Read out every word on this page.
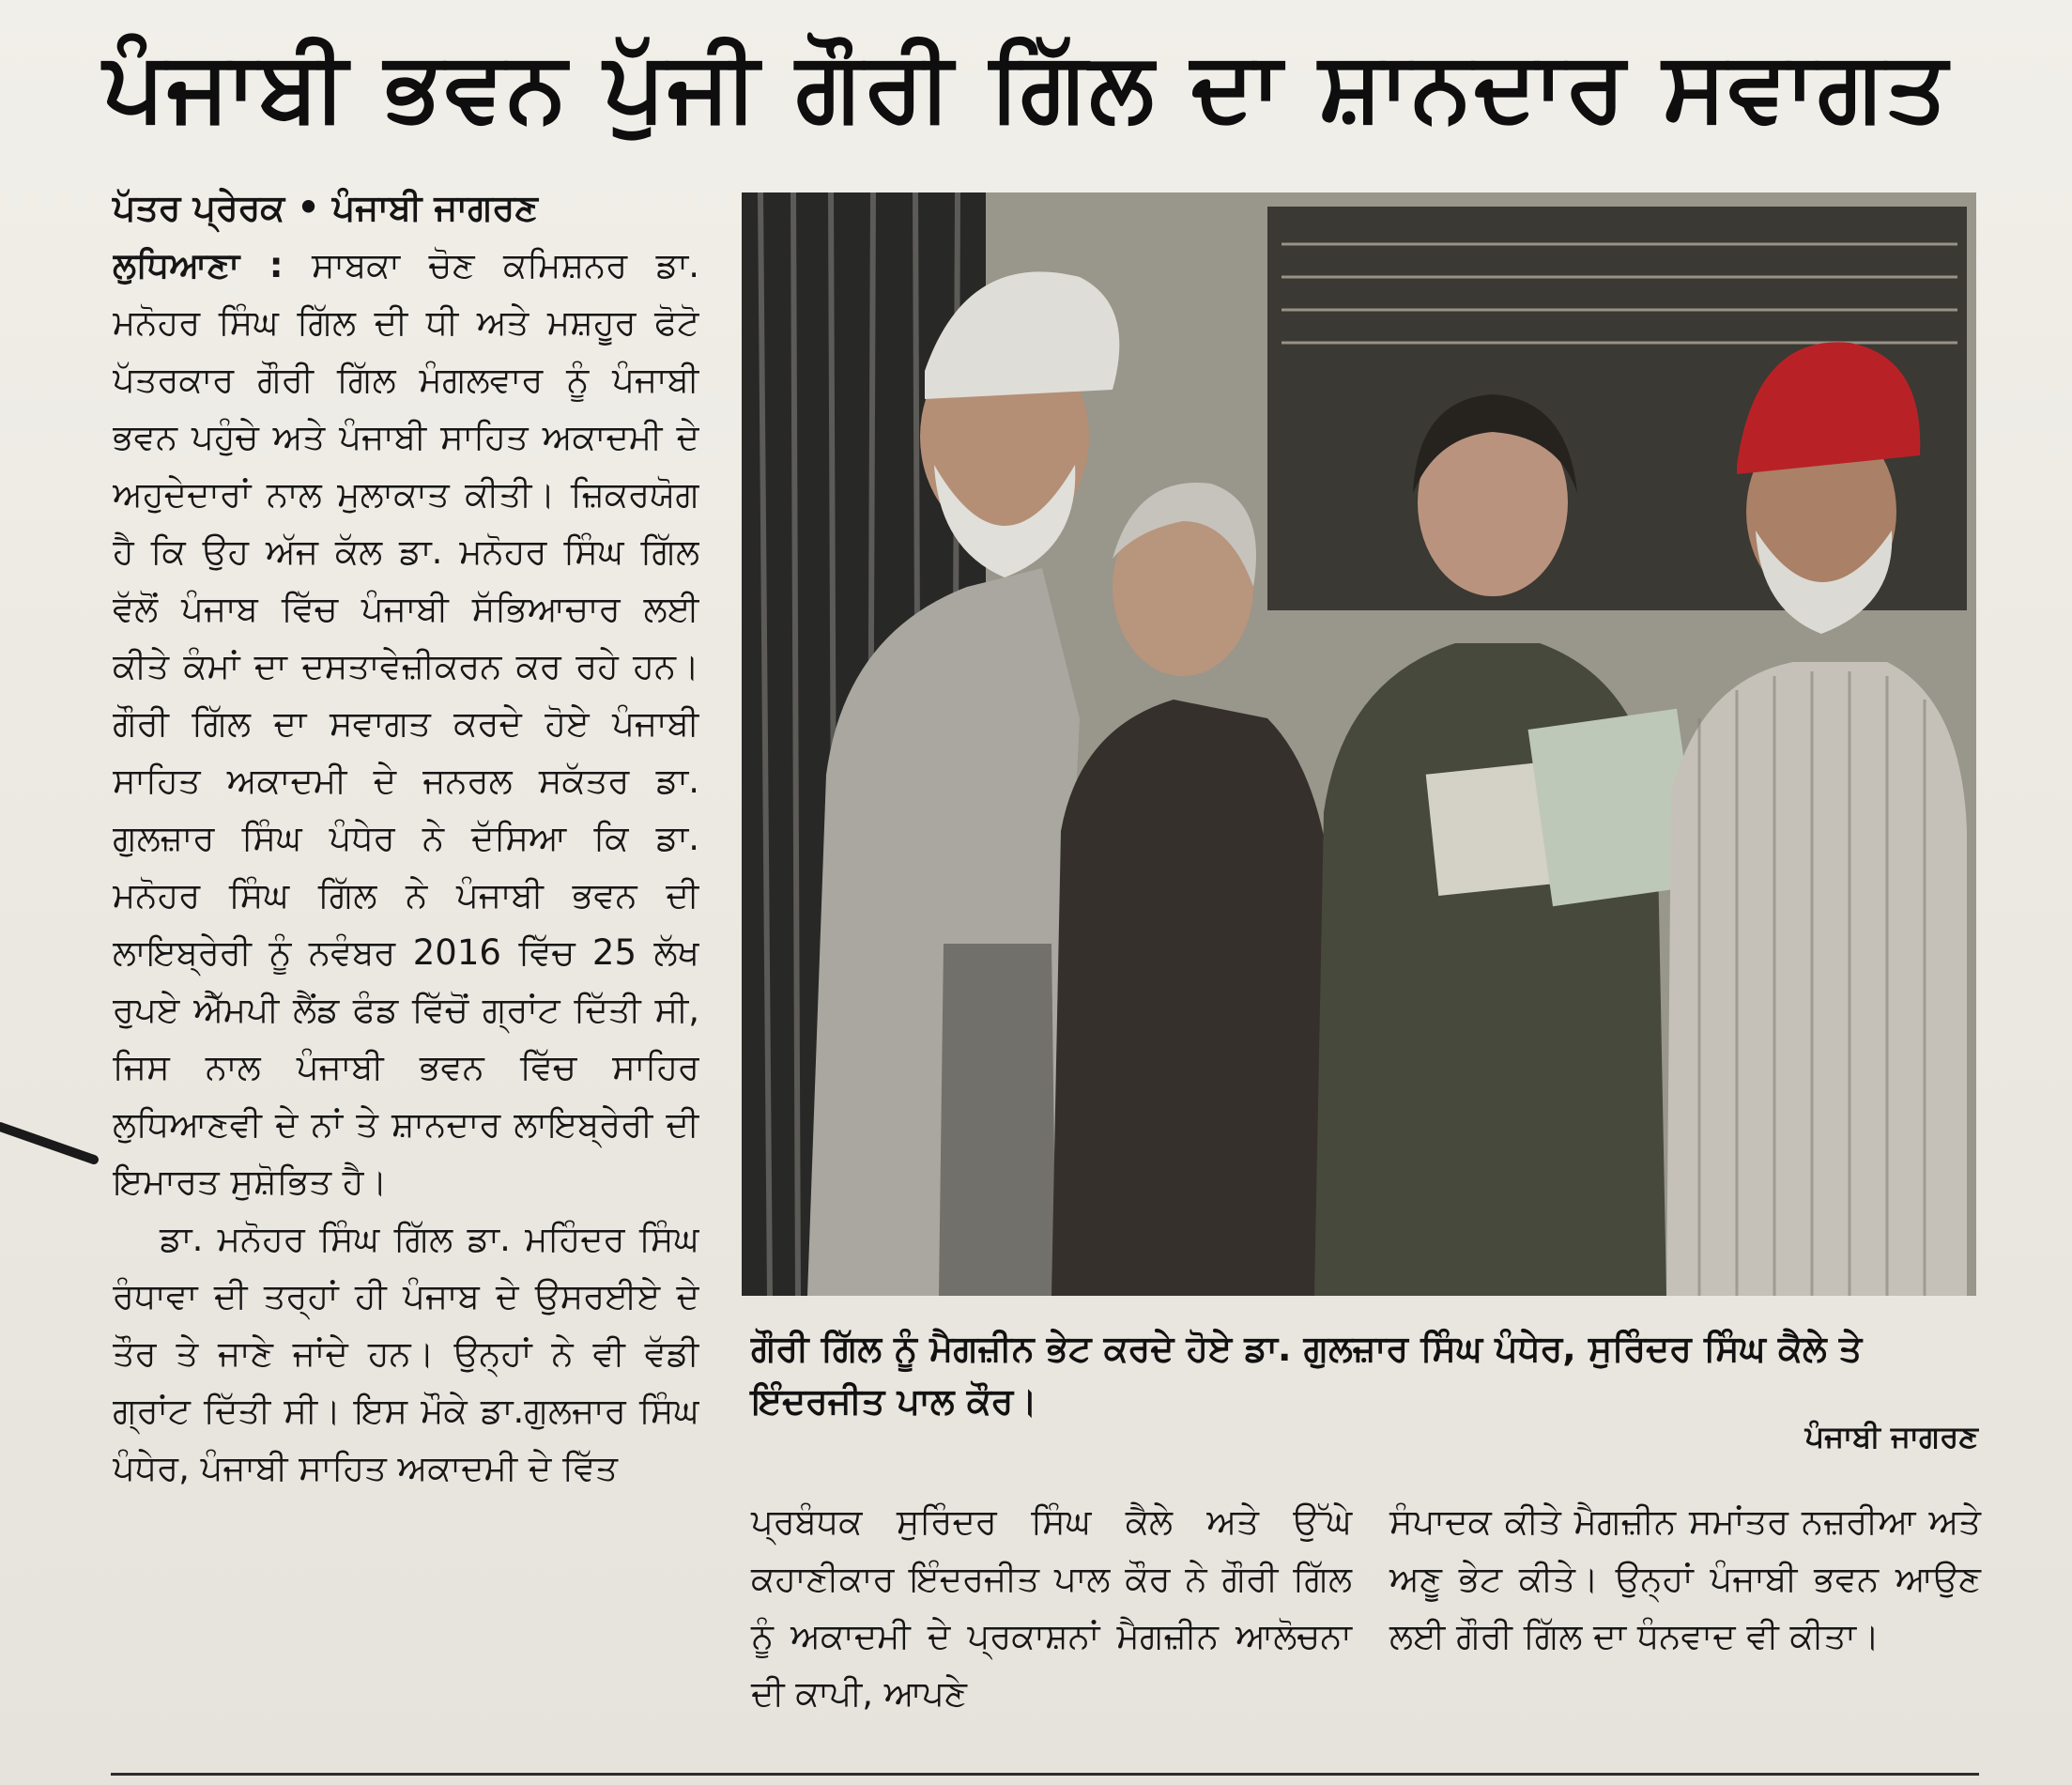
ਪੰਜਾਬੀ ਭਵਨ ਪੁੱਜੀ ਗੌਰੀ ਗਿੱਲ ਦਾ ਸ਼ਾਨਦਾਰ ਸਵਾਗਤ
ਪੱਤਰ ਪ੍ਰੇਰਕ • ਪੰਜਾਬੀ ਜਾਗਰਣ

ਲੁਧਿਆਣਾ : ਸਾਬਕਾ ਚੋਣ ਕਮਿਸ਼ਨਰ ਡਾ. ਮਨੋਹਰ ਸਿੰਘ ਗਿੱਲ ਦੀ ਧੀ ਅਤੇ ਮਸ਼ਹੂਰ ਫੋਟੋ ਪੱਤਰਕਾਰ ਗੌਰੀ ਗਿੱਲ ਮੰਗਲਵਾਰ ਨੂੰ ਪੰਜਾਬੀ ਭਵਨ ਪਹੁੰਚੇ ਅਤੇ ਪੰਜਾਬੀ ਸਾਹਿਤ ਅਕਾਦਮੀ ਦੇ ਅਹੁਦੇਦਾਰਾਂ ਨਾਲ ਮੁਲਾਕਾਤ ਕੀਤੀ। ਜ਼ਿਕਰਯੋਗ ਹੈ ਕਿ ਉਹ ਅੱਜ ਕੱਲ ਡਾ. ਮਨੋਹਰ ਸਿੰਘ ਗਿੱਲ ਵੱਲੋਂ ਪੰਜਾਬ ਵਿੱਚ ਪੰਜਾਬੀ ਸੱਭਿਆਚਾਰ ਲਈ ਕੀਤੇ ਕੰਮਾਂ ਦਾ ਦਸਤਾਵੇਜ਼ੀਕਰਨ ਕਰ ਰਹੇ ਹਨ। ਗੌਰੀ ਗਿੱਲ ਦਾ ਸਵਾਗਤ ਕਰਦੇ ਹੋਏ ਪੰਜਾਬੀ ਸਾਹਿਤ ਅਕਾਦਮੀ ਦੇ ਜਨਰਲ ਸਕੱਤਰ ਡਾ. ਗੁਲਜ਼ਾਰ ਸਿੰਘ ਪੰਧੇਰ ਨੇ ਦੱਸਿਆ ਕਿ ਡਾ. ਮਨੋਹਰ ਸਿੰਘ ਗਿੱਲ ਨੇ ਪੰਜਾਬੀ ਭਵਨ ਦੀ ਲਾਇਬ੍ਰੇਰੀ ਨੂੰ ਨਵੰਬਰ 2016 ਵਿੱਚ 25 ਲੱਖ ਰੁਪਏ ਐੱਮਪੀ ਲੈਂਡ ਫੰਡ ਵਿੱਚੋਂ ਗ੍ਰਾਂਟ ਦਿੱਤੀ ਸੀ, ਜਿਸ ਨਾਲ ਪੰਜਾਬੀ ਭਵਨ ਵਿੱਚ ਸਾਹਿਰ ਲੁਧਿਆਣਵੀ ਦੇ ਨਾਂ ਤੇ ਸ਼ਾਨਦਾਰ ਲਾਇਬ੍ਰੇਰੀ ਦੀ ਇਮਾਰਤ ਸੁਸ਼ੋਭਿਤ ਹੈ।

ਡਾ. ਮਨੋਹਰ ਸਿੰਘ ਗਿੱਲ ਡਾ. ਮਹਿੰਦਰ ਸਿੰਘ ਰੰਧਾਵਾ ਦੀ ਤਰ੍ਹਾਂ ਹੀ ਪੰਜਾਬ ਦੇ ਉਸਰਈਏ ਦੇ ਤੌਰ ਤੇ ਜਾਣੇ ਜਾਂਦੇ ਹਨ। ਉਨ੍ਹਾਂ ਨੇ ਵੀ ਵੱਡੀ ਗ੍ਰਾਂਟ ਦਿੱਤੀ ਸੀ। ਇਸ ਮੌਕੇ ਡਾ.ਗੁਲਜਾਰ ਸਿੰਘ ਪੰਧੇਰ, ਪੰਜਾਬੀ ਸਾਹਿਤ ਅਕਾਦਮੀ ਦੇ ਵਿੱਤ

ਗੌਰੀ ਗਿੱਲ ਨੂੰ ਮੈਗਜ਼ੀਨ ਭੇਟ ਕਰਦੇ ਹੋਏ ਡਾ. ਗੁਲਜ਼ਾਰ ਸਿੰਘ ਪੰਧੇਰ, ਸੁਰਿੰਦਰ ਸਿੰਘ ਕੈਲੇ ਤੇ ਇੰਦਰਜੀਤ ਪਾਲ ਕੌਰ।
ਪੰਜਾਬੀ ਜਾਗਰਣ
ਪ੍ਰਬੰਧਕ ਸੁਰਿੰਦਰ ਸਿੰਘ ਕੈਲੇ ਅਤੇ ਉੱਘੇ ਕਹਾਣੀਕਾਰ ਇੰਦਰਜੀਤ ਪਾਲ ਕੌਰ ਨੇ ਗੌਰੀ ਗਿੱਲ ਨੂੰ ਅਕਾਦਮੀ ਦੇ ਪ੍ਰਕਾਸ਼ਨਾਂ ਮੈਗਜ਼ੀਨ ਆਲੋਚਨਾ ਦੀ ਕਾਪੀ, ਆਪਣੇ
ਸੰਪਾਦਕ ਕੀਤੇ ਮੈਗਜ਼ੀਨ ਸਮਾਂਤਰ ਨਜ਼ਰੀਆ ਅਤੇ ਅਣੂ ਭੇਟ ਕੀਤੇ। ਉਨ੍ਹਾਂ ਪੰਜਾਬੀ ਭਵਨ ਆਉਣ ਲਈ ਗੌਰੀ ਗਿੱਲ ਦਾ ਧੰਨਵਾਦ ਵੀ ਕੀਤਾ।
